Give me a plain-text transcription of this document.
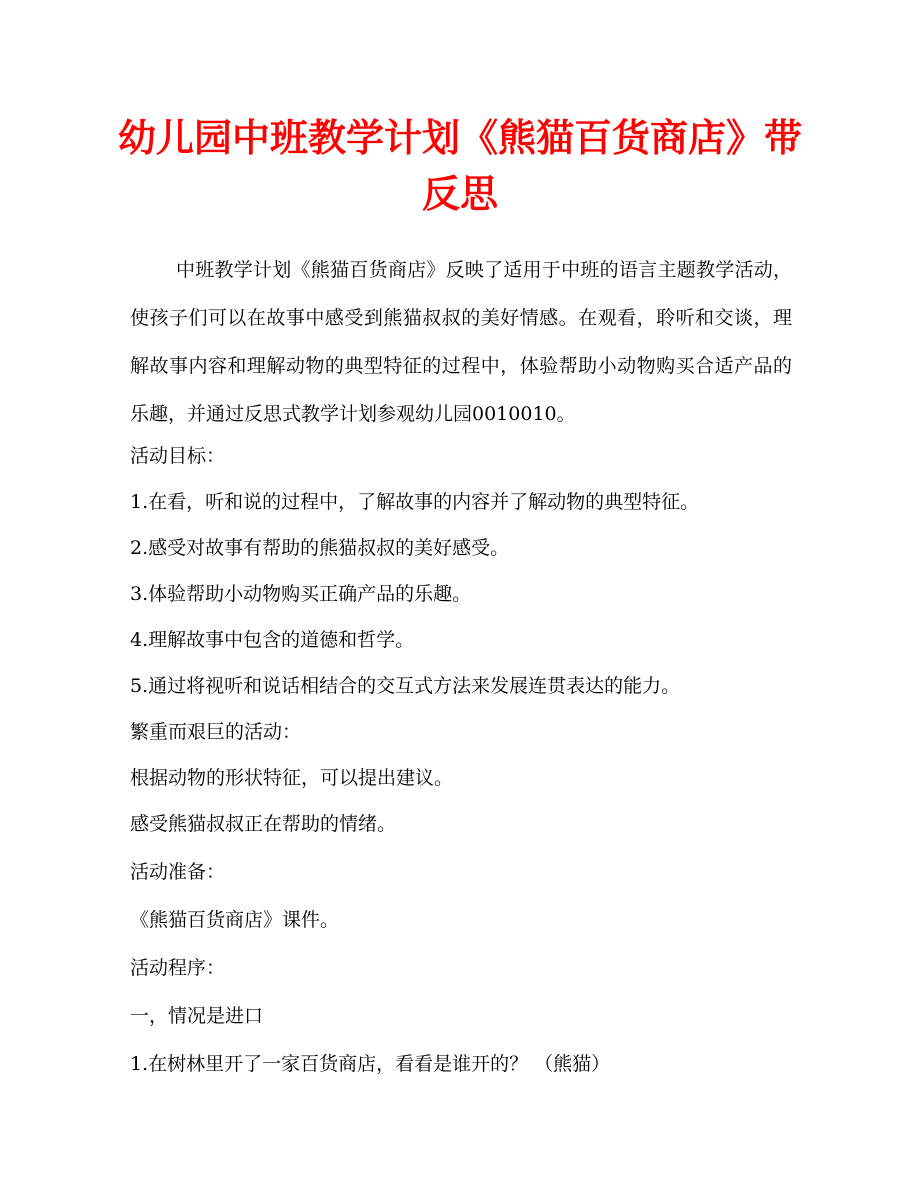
幼儿园中班教学计划《熊猫百货商店》带反思

中班教学计划《熊猫百货商店》反映了适用于中班的语言主题教学活动，使孩子们可以在故事中感受到熊猫叔叔的美好情感。在观看，聆听和交谈，理解故事内容和理解动物的典型特征的过程中，体验帮助小动物购买合适产品的乐趣，并通过反思式教学计划参观幼儿园0010010。

活动目标：

1.在看，听和说的过程中，了解故事的内容并了解动物的典型特征。

2.感受对故事有帮助的熊猫叔叔的美好感受。

3.体验帮助小动物购买正确产品的乐趣。

4.理解故事中包含的道德和哲学。

5.通过将视听和说话相结合的交互式方法来发展连贯表达的能力。

繁重而艰巨的活动：

根据动物的形状特征，可以提出建议。

感受熊猫叔叔正在帮助的情绪。

活动准备：

《熊猫百货商店》课件。

活动程序：

一，情况是进口

1.在树林里开了一家百货商店，看看是谁开的？ （熊猫）
